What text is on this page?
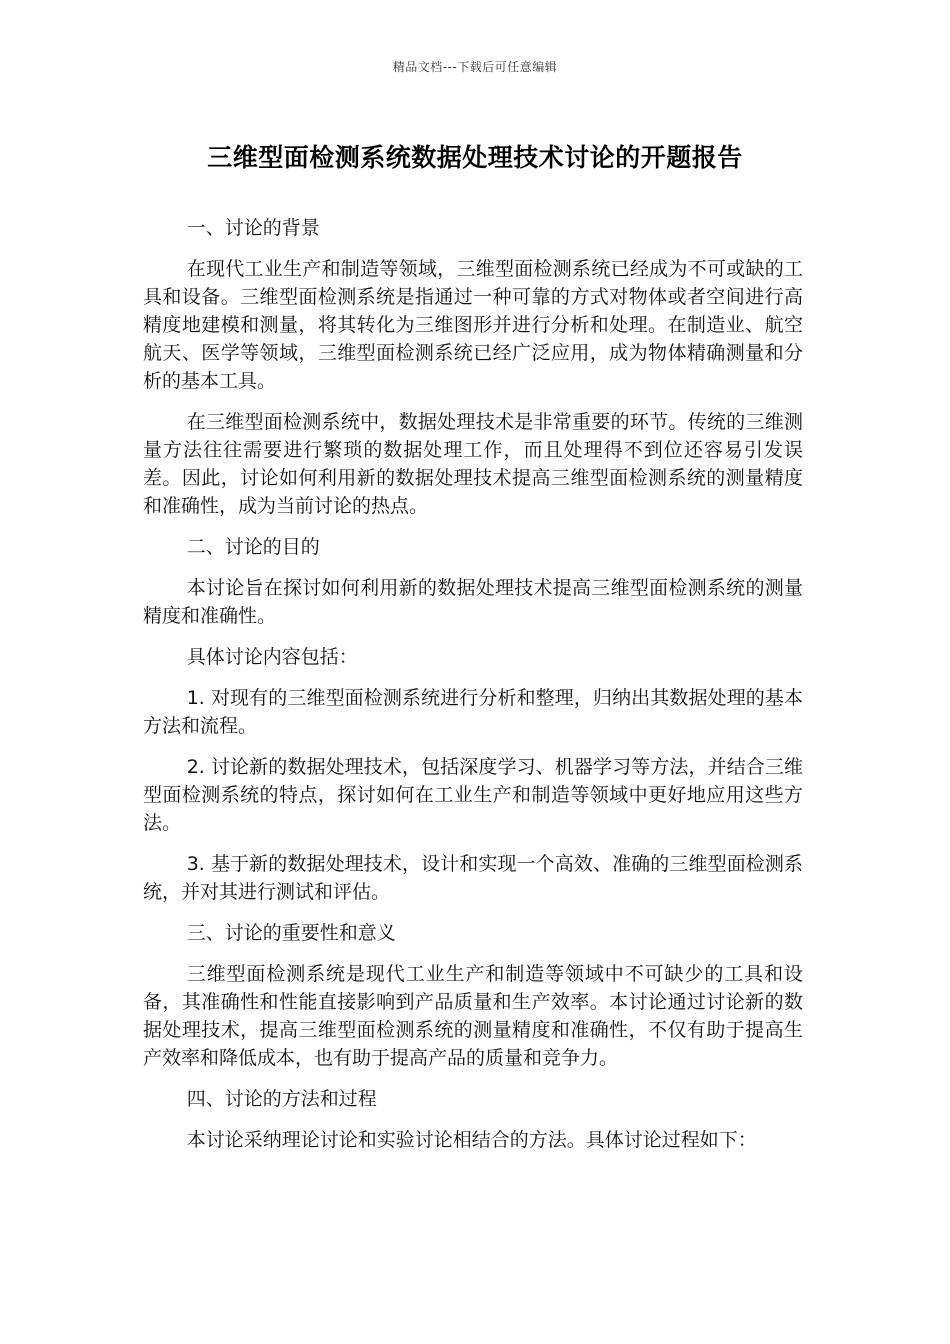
精品文档---下载后可任意编辑
三维型面检测系统数据处理技术讨论的开题报告
一、讨论的背景

在现代工业生产和制造等领域，三维型面检测系统已经成为不可或缺的工具和设备。三维型面检测系统是指通过一种可靠的方式对物体或者空间进行高精度地建模和测量，将其转化为三维图形并进行分析和处理。在制造业、航空航天、医学等领域，三维型面检测系统已经广泛应用，成为物体精确测量和分析的基本工具。

在三维型面检测系统中，数据处理技术是非常重要的环节。传统的三维测量方法往往需要进行繁琐的数据处理工作，而且处理得不到位还容易引发误差。因此，讨论如何利用新的数据处理技术提高三维型面检测系统的测量精度和准确性，成为当前讨论的热点。

二、讨论的目的

本讨论旨在探讨如何利用新的数据处理技术提高三维型面检测系统的测量精度和准确性。

具体讨论内容包括：

1. 对现有的三维型面检测系统进行分析和整理，归纳出其数据处理的基本方法和流程。

2. 讨论新的数据处理技术，包括深度学习、机器学习等方法，并结合三维型面检测系统的特点，探讨如何在工业生产和制造等领域中更好地应用这些方法。

3. 基于新的数据处理技术，设计和实现一个高效、准确的三维型面检测系统，并对其进行测试和评估。

三、讨论的重要性和意义

三维型面检测系统是现代工业生产和制造等领域中不可缺少的工具和设备，其准确性和性能直接影响到产品质量和生产效率。本讨论通过讨论新的数据处理技术，提高三维型面检测系统的测量精度和准确性，不仅有助于提高生产效率和降低成本，也有助于提高产品的质量和竞争力。

四、讨论的方法和过程

本讨论采纳理论讨论和实验讨论相结合的方法。具体讨论过程如下：
